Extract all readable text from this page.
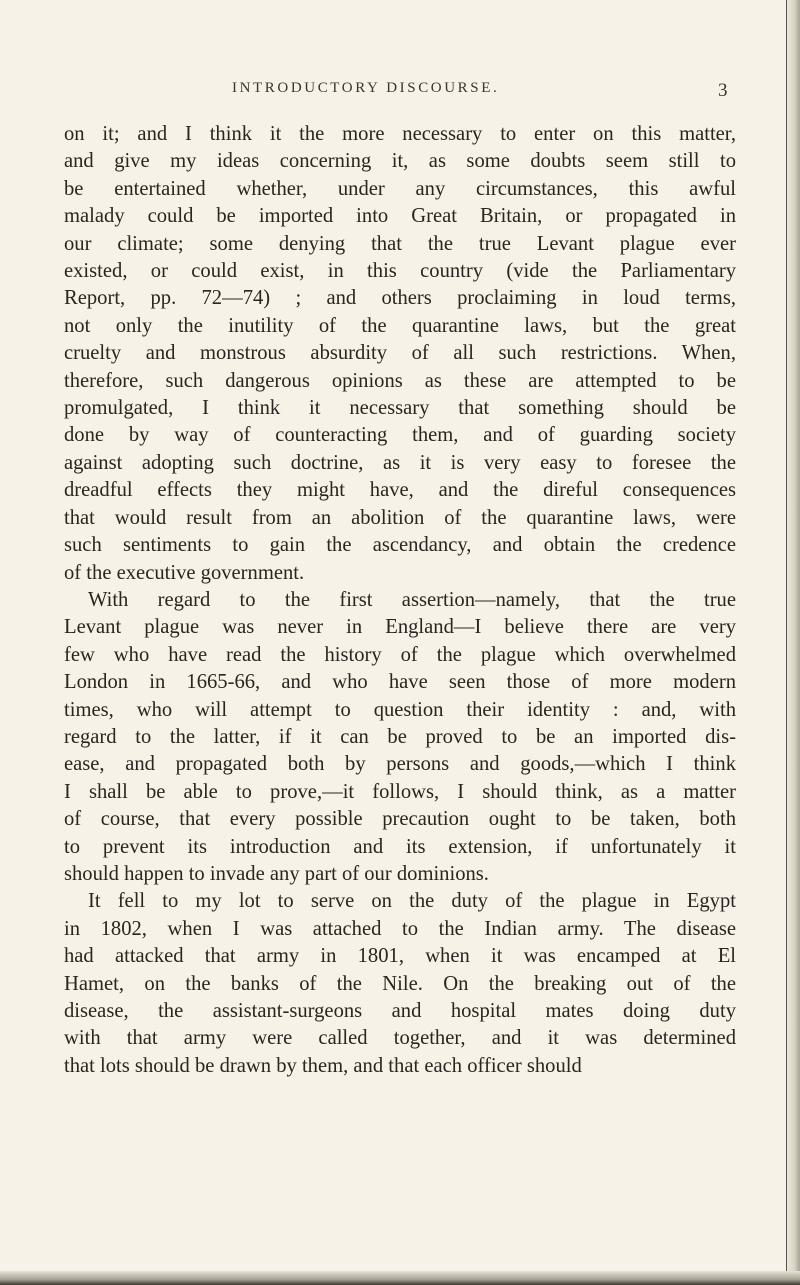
INTRODUCTORY DISCOURSE.	3
on it; and I think it the more necessary to enter on this matter,
and give my ideas concerning it, as some doubts seem still to
be entertained whether, under any circumstances, this awful
malady could be imported into Great Britain, or propagated in
our climate; some denying that the true Levant plague ever
existed, or could exist, in this country (vide the Parliamentary
Report, pp. 72—74) ; and others proclaiming in loud terms,
not only the inutility of the quarantine laws, but the great
cruelty and monstrous absurdity of all such restrictions. When,
therefore, such dangerous opinions as these are attempted to be
promulgated, I think it necessary that something should be
done by way of counteracting them, and of guarding society
against adopting such doctrine, as it is very easy to foresee the
dreadful effects they might have, and the direful consequences
that would result from an abolition of the quarantine laws, were
such sentiments to gain the ascendancy, and obtain the credence
of the executive government.
With regard to the first assertion—namely, that the true
Levant plague was never in England—I believe there are very
few who have read the history of the plague which overwhelmed
London in 1665-66, and who have seen those of more modern
times, who will attempt to question their identity : and, with
regard to the latter, if it can be proved to be an imported dis-
ease, and propagated both by persons and goods,—which I think
I shall be able to prove,—it follows, I should think, as a matter
of course, that every possible precaution ought to be taken, both
to prevent its introduction and its extension, if unfortunately it
should happen to invade any part of our dominions.
It fell to my lot to serve on the duty of the plague in Egypt
in 1802, when I was attached to the Indian army. The disease
had attacked that army in 1801, when it was encamped at El
Hamet, on the banks of the Nile. On the breaking out of the
disease, the assistant-surgeons and hospital mates doing duty
with that army were called together, and it was determined
that lots should be drawn by them, and that each officer should
